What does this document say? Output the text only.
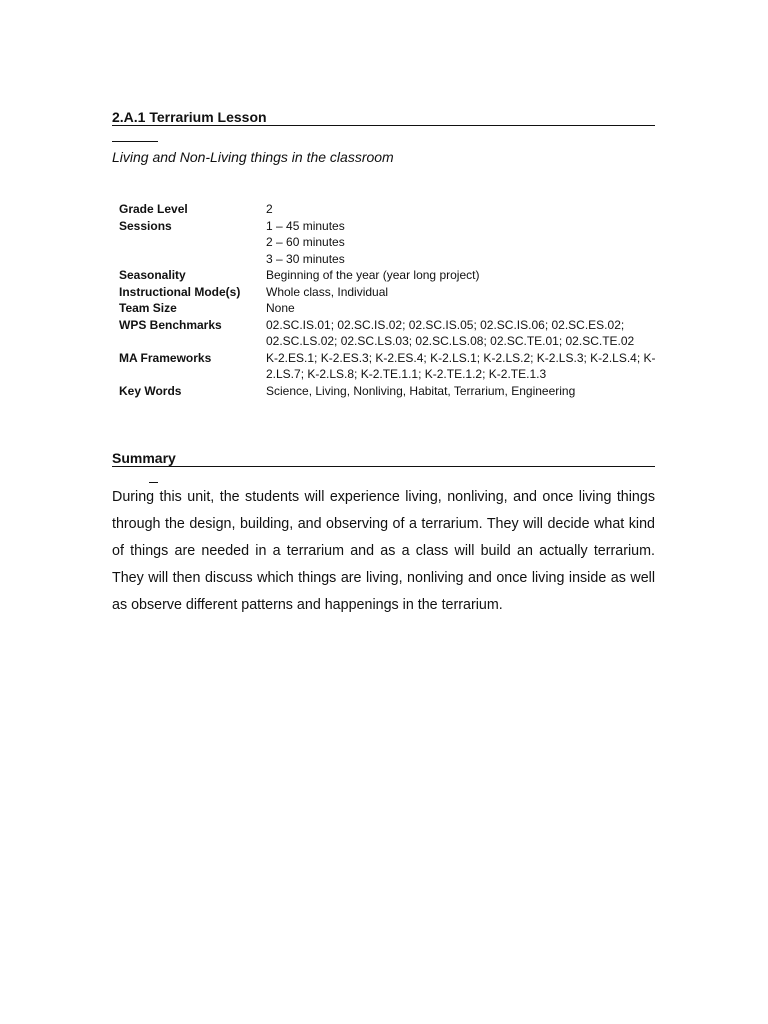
2.A.1 Terrarium Lesson
Living and Non-Living things in the classroom
Grade Level	2
Sessions	1 – 45 minutes
2 – 60 minutes
3 – 30 minutes
Seasonality	Beginning of the year (year long project)
Instructional Mode(s)	Whole class, Individual
Team Size	None
WPS Benchmarks	02.SC.IS.01; 02.SC.IS.02; 02.SC.IS.05; 02.SC.IS.06; 02.SC.ES.02;
02.SC.LS.02; 02.SC.LS.03; 02.SC.LS.08; 02.SC.TE.01; 02.SC.TE.02
MA Frameworks	K-2.ES.1; K-2.ES.3; K-2.ES.4; K-2.LS.1; K-2.LS.2; K-2.LS.3; K-2.LS.4; K-
2.LS.7; K-2.LS.8; K-2.TE.1.1; K-2.TE.1.2; K-2.TE.1.3
Key Words	Science, Living, Nonliving, Habitat, Terrarium, Engineering
Summary

During this unit, the students will experience living, nonliving, and once living things through the design, building, and observing of a terrarium. They will decide what kind of things are needed in a terrarium and as a class will build an actually terrarium. They will then discuss which things are living, nonliving and once living inside as well as observe different patterns and happenings in the terrarium.
